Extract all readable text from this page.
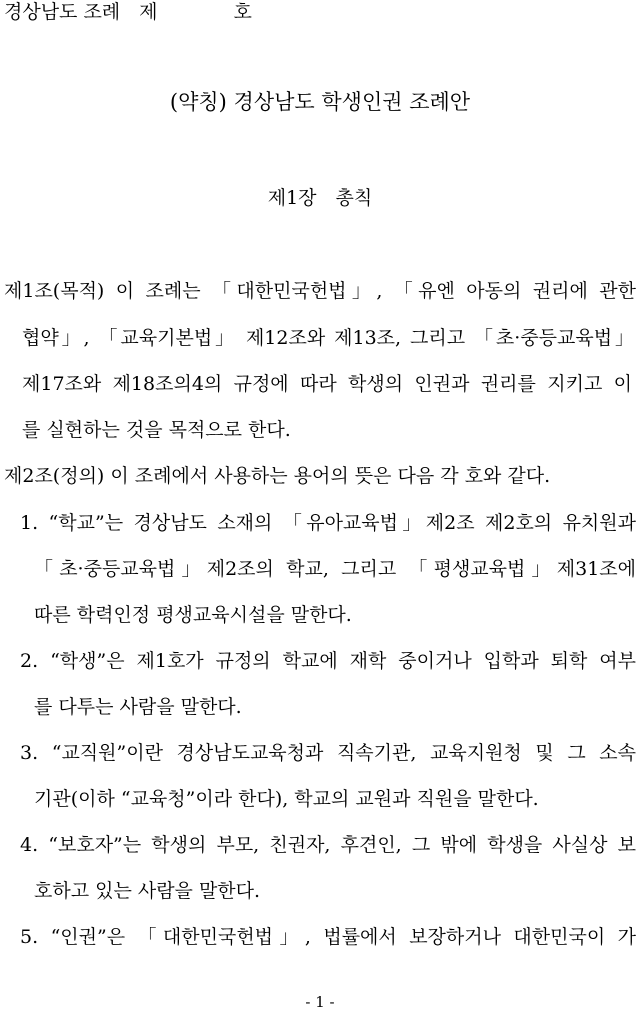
경상남도 조례　제　　　　호
(약칭) 경상남도 학생인권 조례안
제1장　총칙
제1조(목적) 이 조례는 「대한민국헌법」, 「유엔 아동의 권리에 관한
협약」, 「교육기본법」 제12조와 제13조, 그리고 「초·중등교육법」
제17조와 제18조의4의 규정에 따라 학생의 인권과 권리를 지키고 이
를 실현하는 것을 목적으로 한다.
제2조(정의) 이 조례에서 사용하는 용어의 뜻은 다음 각 호와 같다.
1. “학교”는 경상남도 소재의 「유아교육법」제2조 제2호의 유치원과
「초·중등교육법」제2조의 학교, 그리고 「평생교육법」제31조에
따른 학력인정 평생교육시설을 말한다.
2. “학생”은 제1호가 규정의 학교에 재학 중이거나 입학과 퇴학 여부
를 다투는 사람을 말한다.
3. “교직원”이란 경상남도교육청과 직속기관, 교육지원청 및 그 소속
기관(이하 “교육청”이라 한다), 학교의 교원과 직원을 말한다.
4. “보호자”는 학생의 부모, 친권자, 후견인, 그 밖에 학생을 사실상 보
호하고 있는 사람을 말한다.
5. “인권”은 「대한민국헌법」, 법률에서 보장하거나 대한민국이 가
- 1 -
